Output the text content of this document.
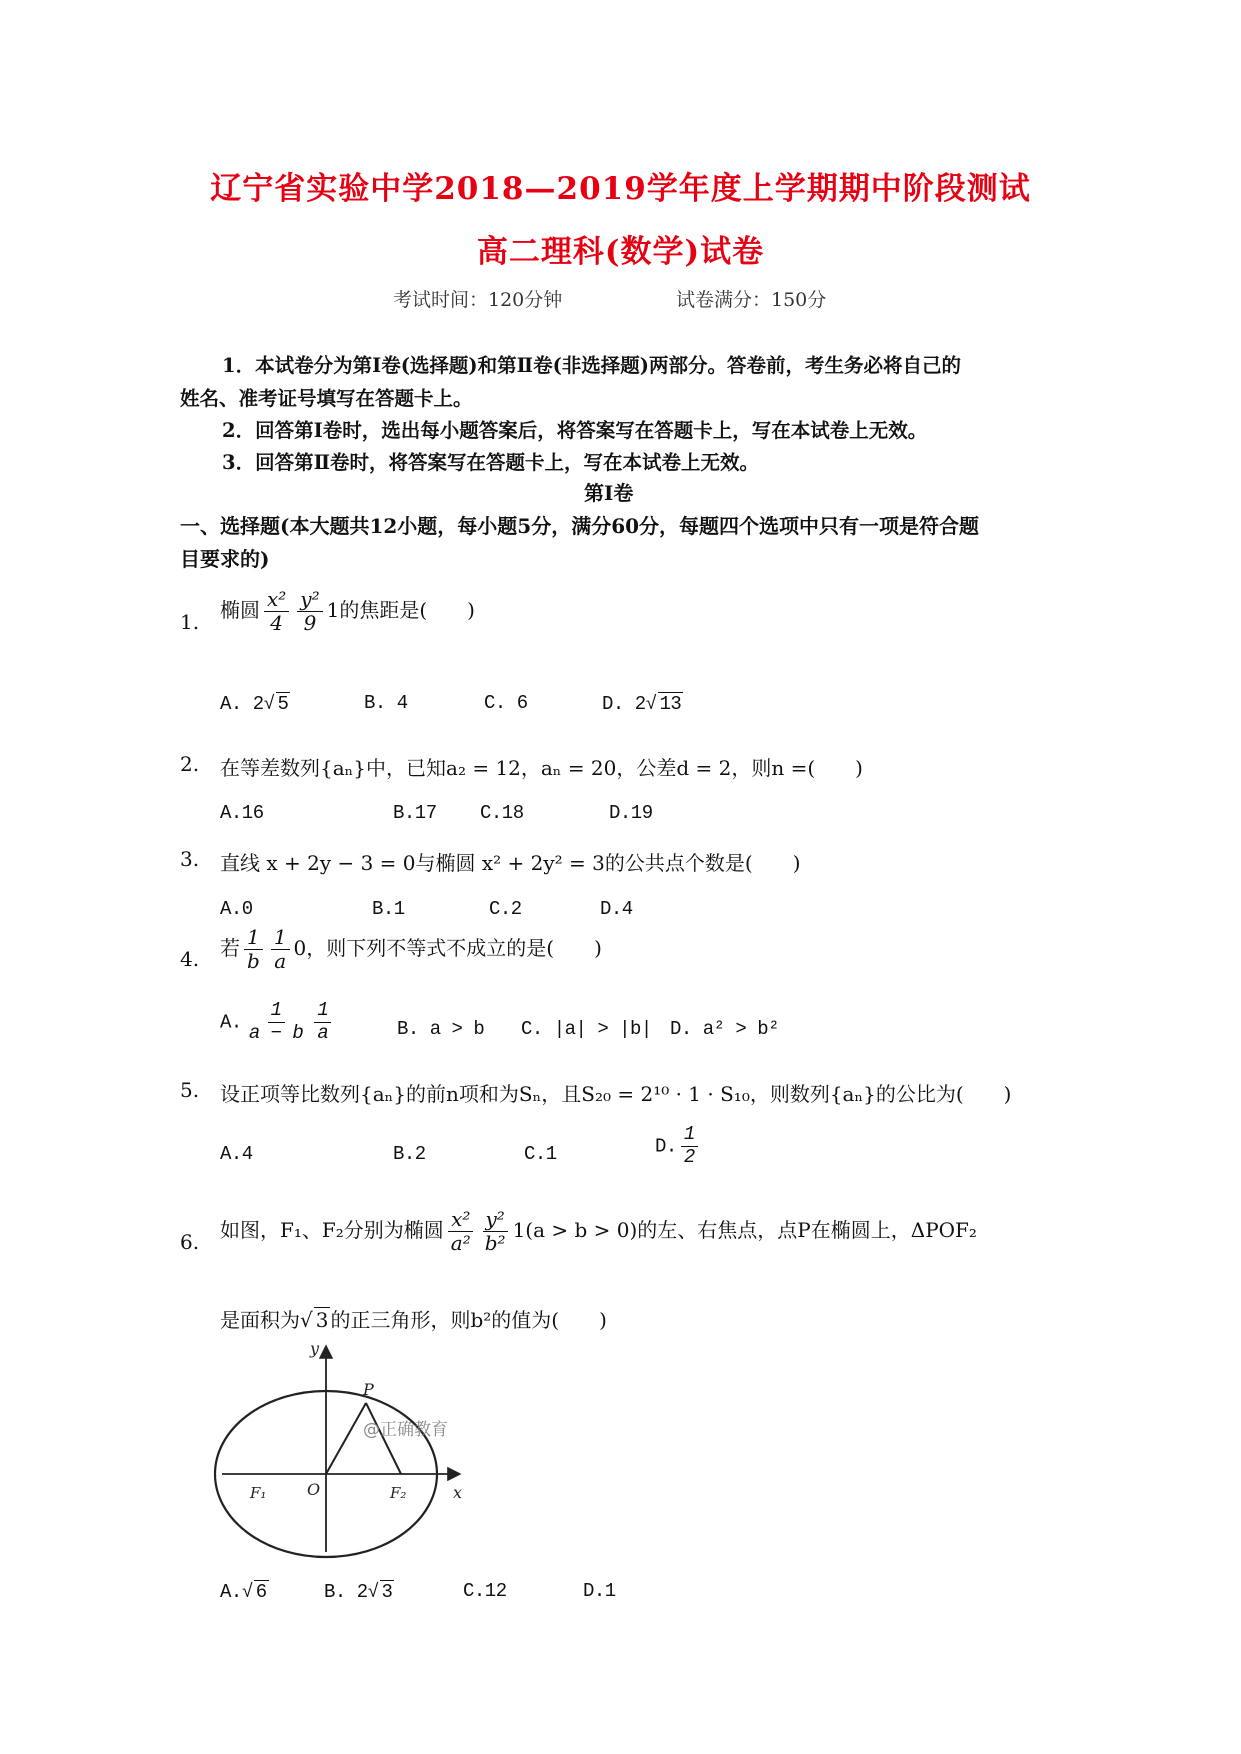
辽宁省实验中学2018—2019学年度上学期期中阶段测试
高二理科(数学)试卷
考试时间：120分钟	试卷满分：150分
1．本试卷分为第Ⅰ卷(选择题)和第Ⅱ卷(非选择题)两部分。答卷前，考生务必将自己的
姓名、准考证号填写在答题卡上。
2．回答第Ⅰ卷时，选出每小题答案后，将答案写在答题卡上，写在本试卷上无效。
3．回答第Ⅱ卷时，将答案写在答题卡上，写在本试卷上无效。
第Ⅰ卷
一、选择题(本大题共12小题，每小题5分，满分60分，每题四个选项中只有一项是符合题
目要求的)
1. 椭圆 $\frac{\text{x²}}{4} \frac{\text{y²}}{9} 1$的焦距是(　　)
A. 2√ 5	B. 4	C. 6	D. 2√ 13
2. 在等差数列{aₙ}中，已知a₂ = 12，aₙ = 20，公差d = 2，则n =(　　)
A.16	B.17 C.18	D.19
3. 直线 x + 2y − 3 = 0与椭圆 x² + 2y² = 3的公共点个数是(　　)
A.0	B.1	C.2	D.4
4. 若 $\frac{1}{b} \frac{1}{a} 0$，则下列不等式不成立的是(　　)
A. $\frac{1}{a - b} \frac{1}{a}$	B. a > b C. |a| > |b| D. a² > b²
5. 设正项等比数列{aₙ}的前n项和为Sₙ，且S₂₀ = 2¹⁰ · 1 · S₁₀，则数列{aₙ}的公比为(　　)
A.4	B.2	C.1	D. $\frac{1}{2}$
6. 如图，F₁、F₂分别为椭圆 $\frac{\text{x²}}{\text{a²}} \frac{\text{y²}}{\text{b²}} 1(a > b > 0)$的左、右焦点，点P在椭圆上，ΔPOF₂
是面积为√ 3 的正三角形，则b²的值为(　　)
y
x
P
O
F₁	F₂
@正确教育
A.√ 6	B. 2√ 3	C.12	D.1
